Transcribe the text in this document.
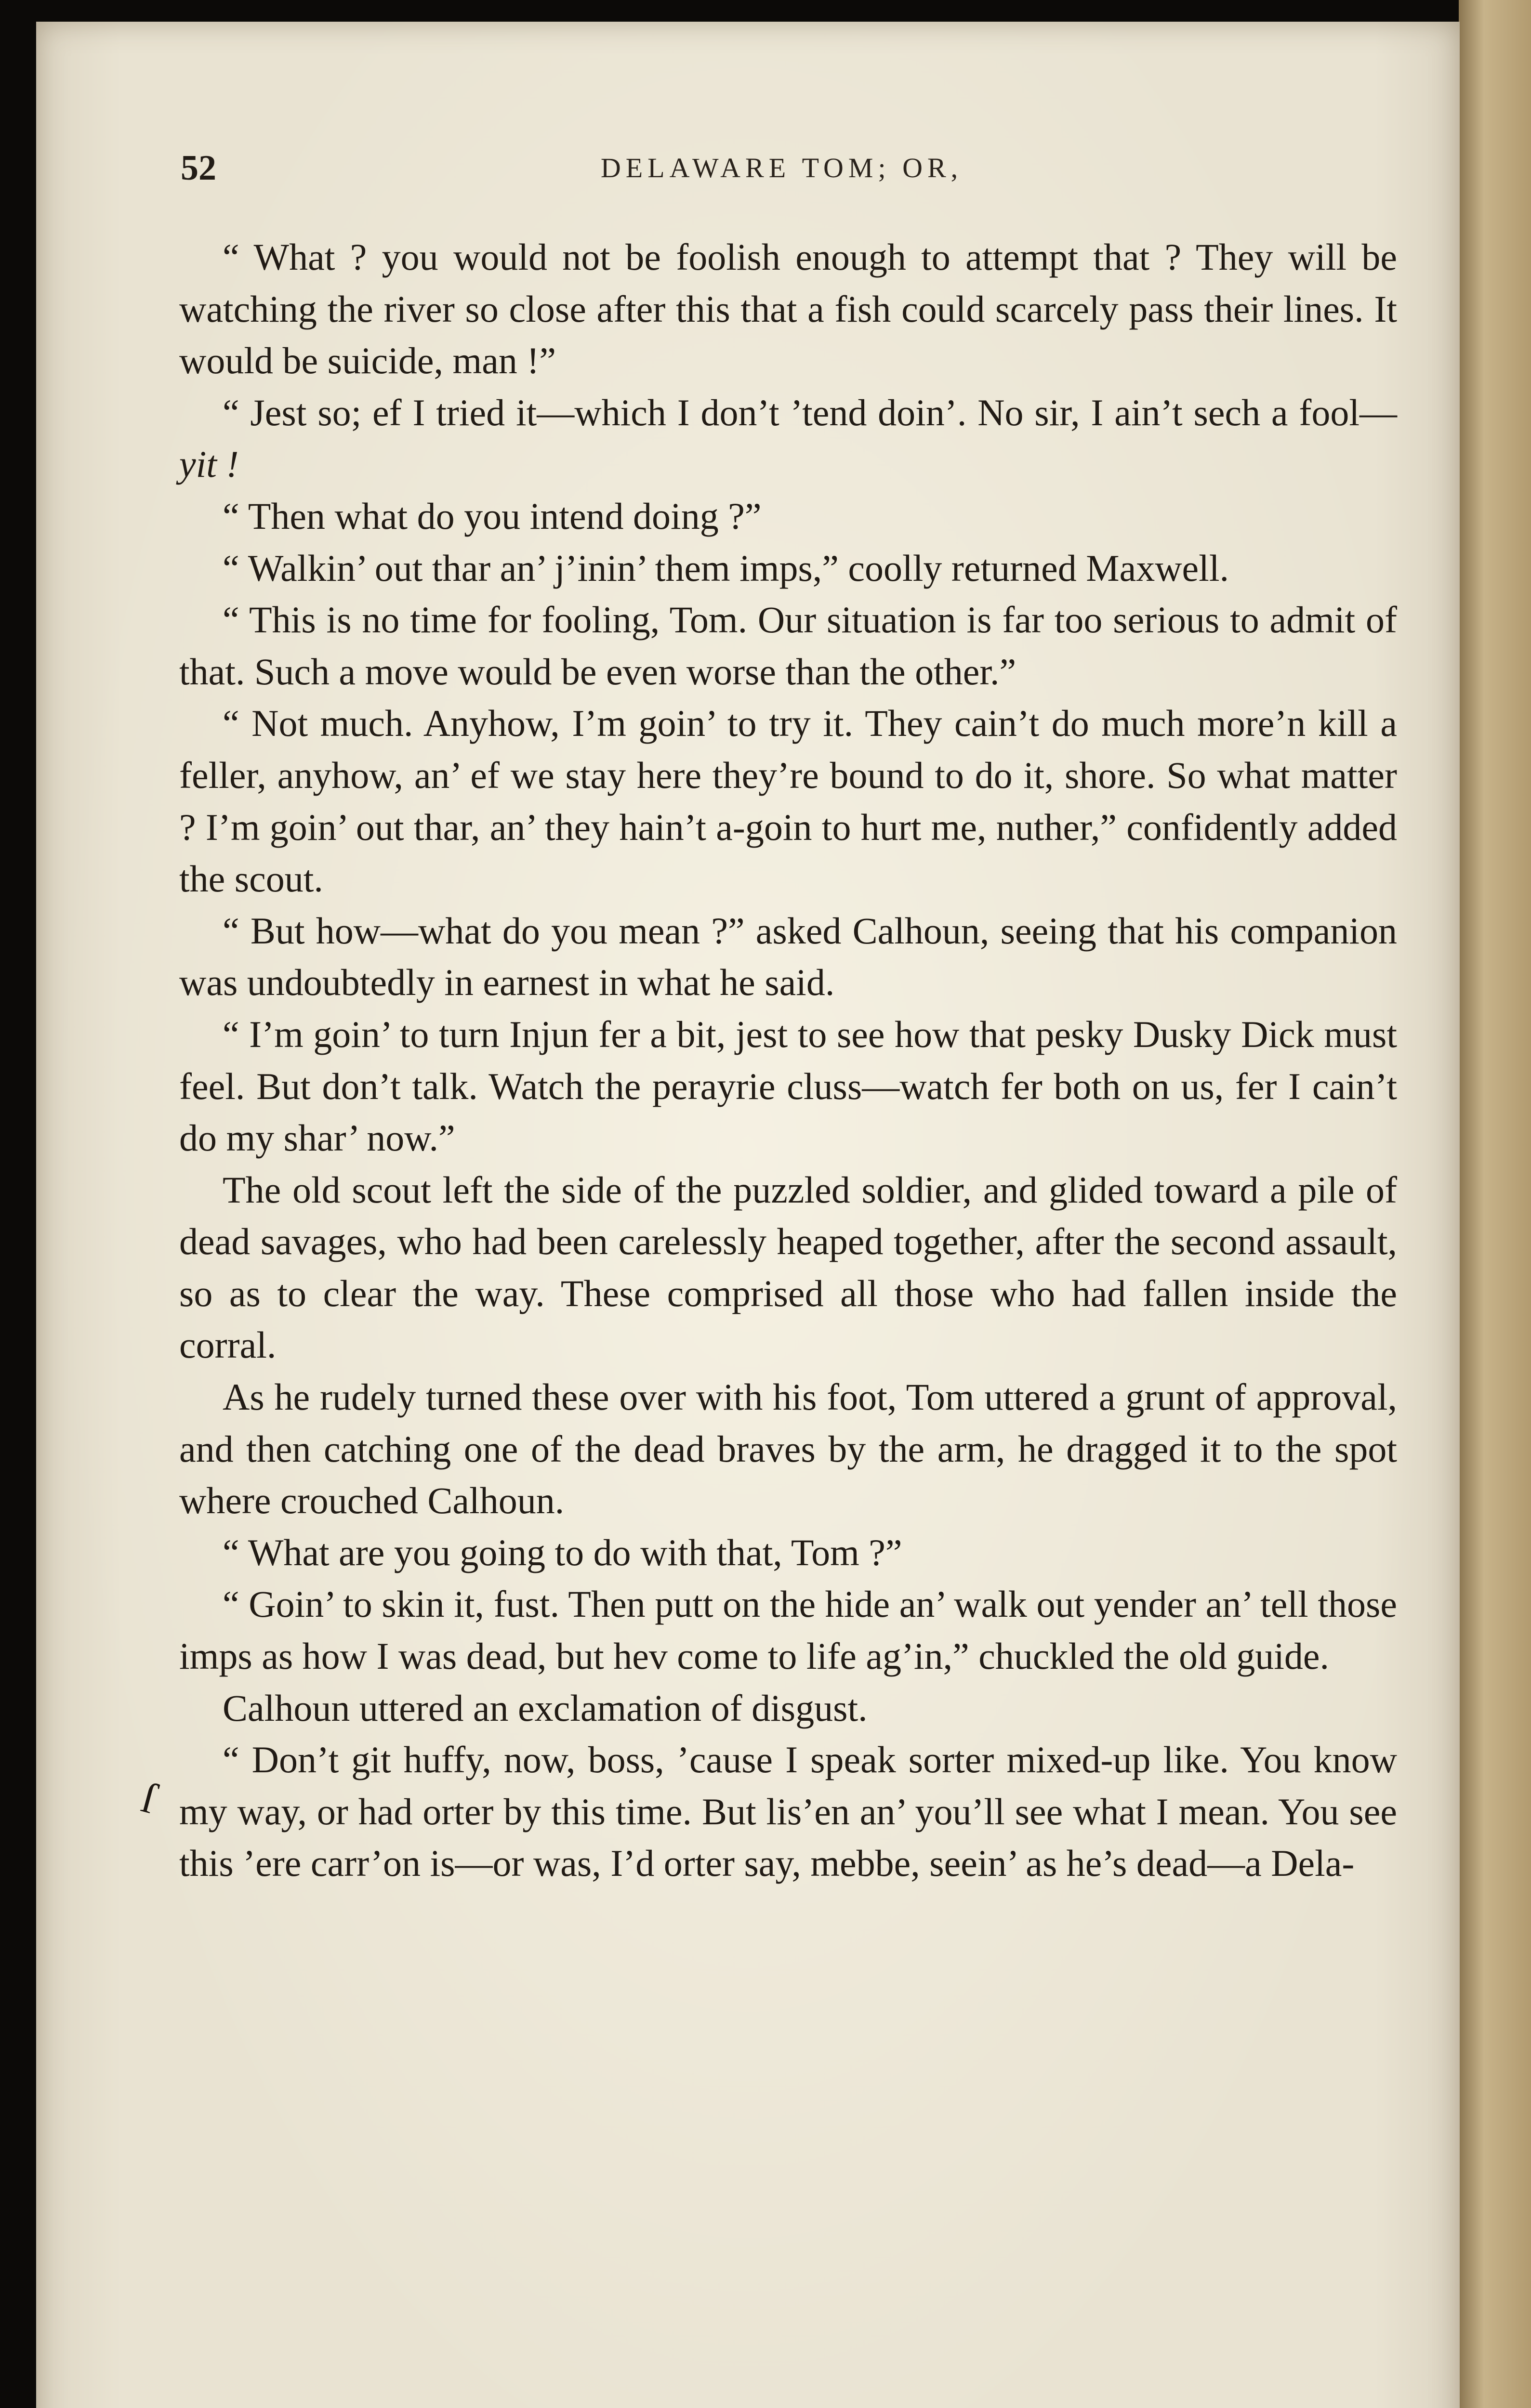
52	DELAWARE TOM; OR,

“ What ? you would not be foolish enough to attempt that ? They will be watching the river so close after this that a fish could scarcely pass their lines. It would be suicide, man !”

“ Jest so; ef I tried it—which I don’t ’tend doin’. No sir, I ain’t sech a fool—yit !

“ Then what do you intend doing ?”

“ Walkin’ out thar an’ j’inin’ them imps,” coolly returned Maxwell.

“ This is no time for fooling, Tom. Our situation is far too serious to admit of that. Such a move would be even worse than the other.”

“ Not much. Anyhow, I’m goin’ to try it. They cain’t do much more’n kill a feller, anyhow, an’ ef we stay here they’re bound to do it, shore. So what matter ? I’m goin’ out thar, an’ they hain’t a-goin to hurt me, nuther,” confidently added the scout.

“ But how—what do you mean ?” asked Calhoun, seeing that his companion was undoubtedly in earnest in what he said.

“ I’m goin’ to turn Injun fer a bit, jest to see how that pesky Dusky Dick must feel. But don’t talk. Watch the perayrie cluss—watch fer both on us, fer I cain’t do my shar’ now.”

The old scout left the side of the puzzled soldier, and glided toward a pile of dead savages, who had been carelessly heaped together, after the second assault, so as to clear the way. These comprised all those who had fallen inside the corral.

As he rudely turned these over with his foot, Tom uttered a grunt of approval, and then catching one of the dead braves by the arm, he dragged it to the spot where crouched Calhoun.

“ What are you going to do with that, Tom ?”

“ Goin’ to skin it, fust. Then putt on the hide an’ walk out yender an’ tell those imps as how I was dead, but hev come to life ag’in,” chuckled the old guide.

Calhoun uttered an exclamation of disgust.

“ Don’t git huffy, now, boss, ’cause I speak sorter mixed-up like. You know my way, or had orter by this time. But lis’en an’ you’ll see what I mean. You see this ’ere carr’on is—or was, I’d orter say, mebbe, seein’ as he’s dead—a Dela-

ſ
